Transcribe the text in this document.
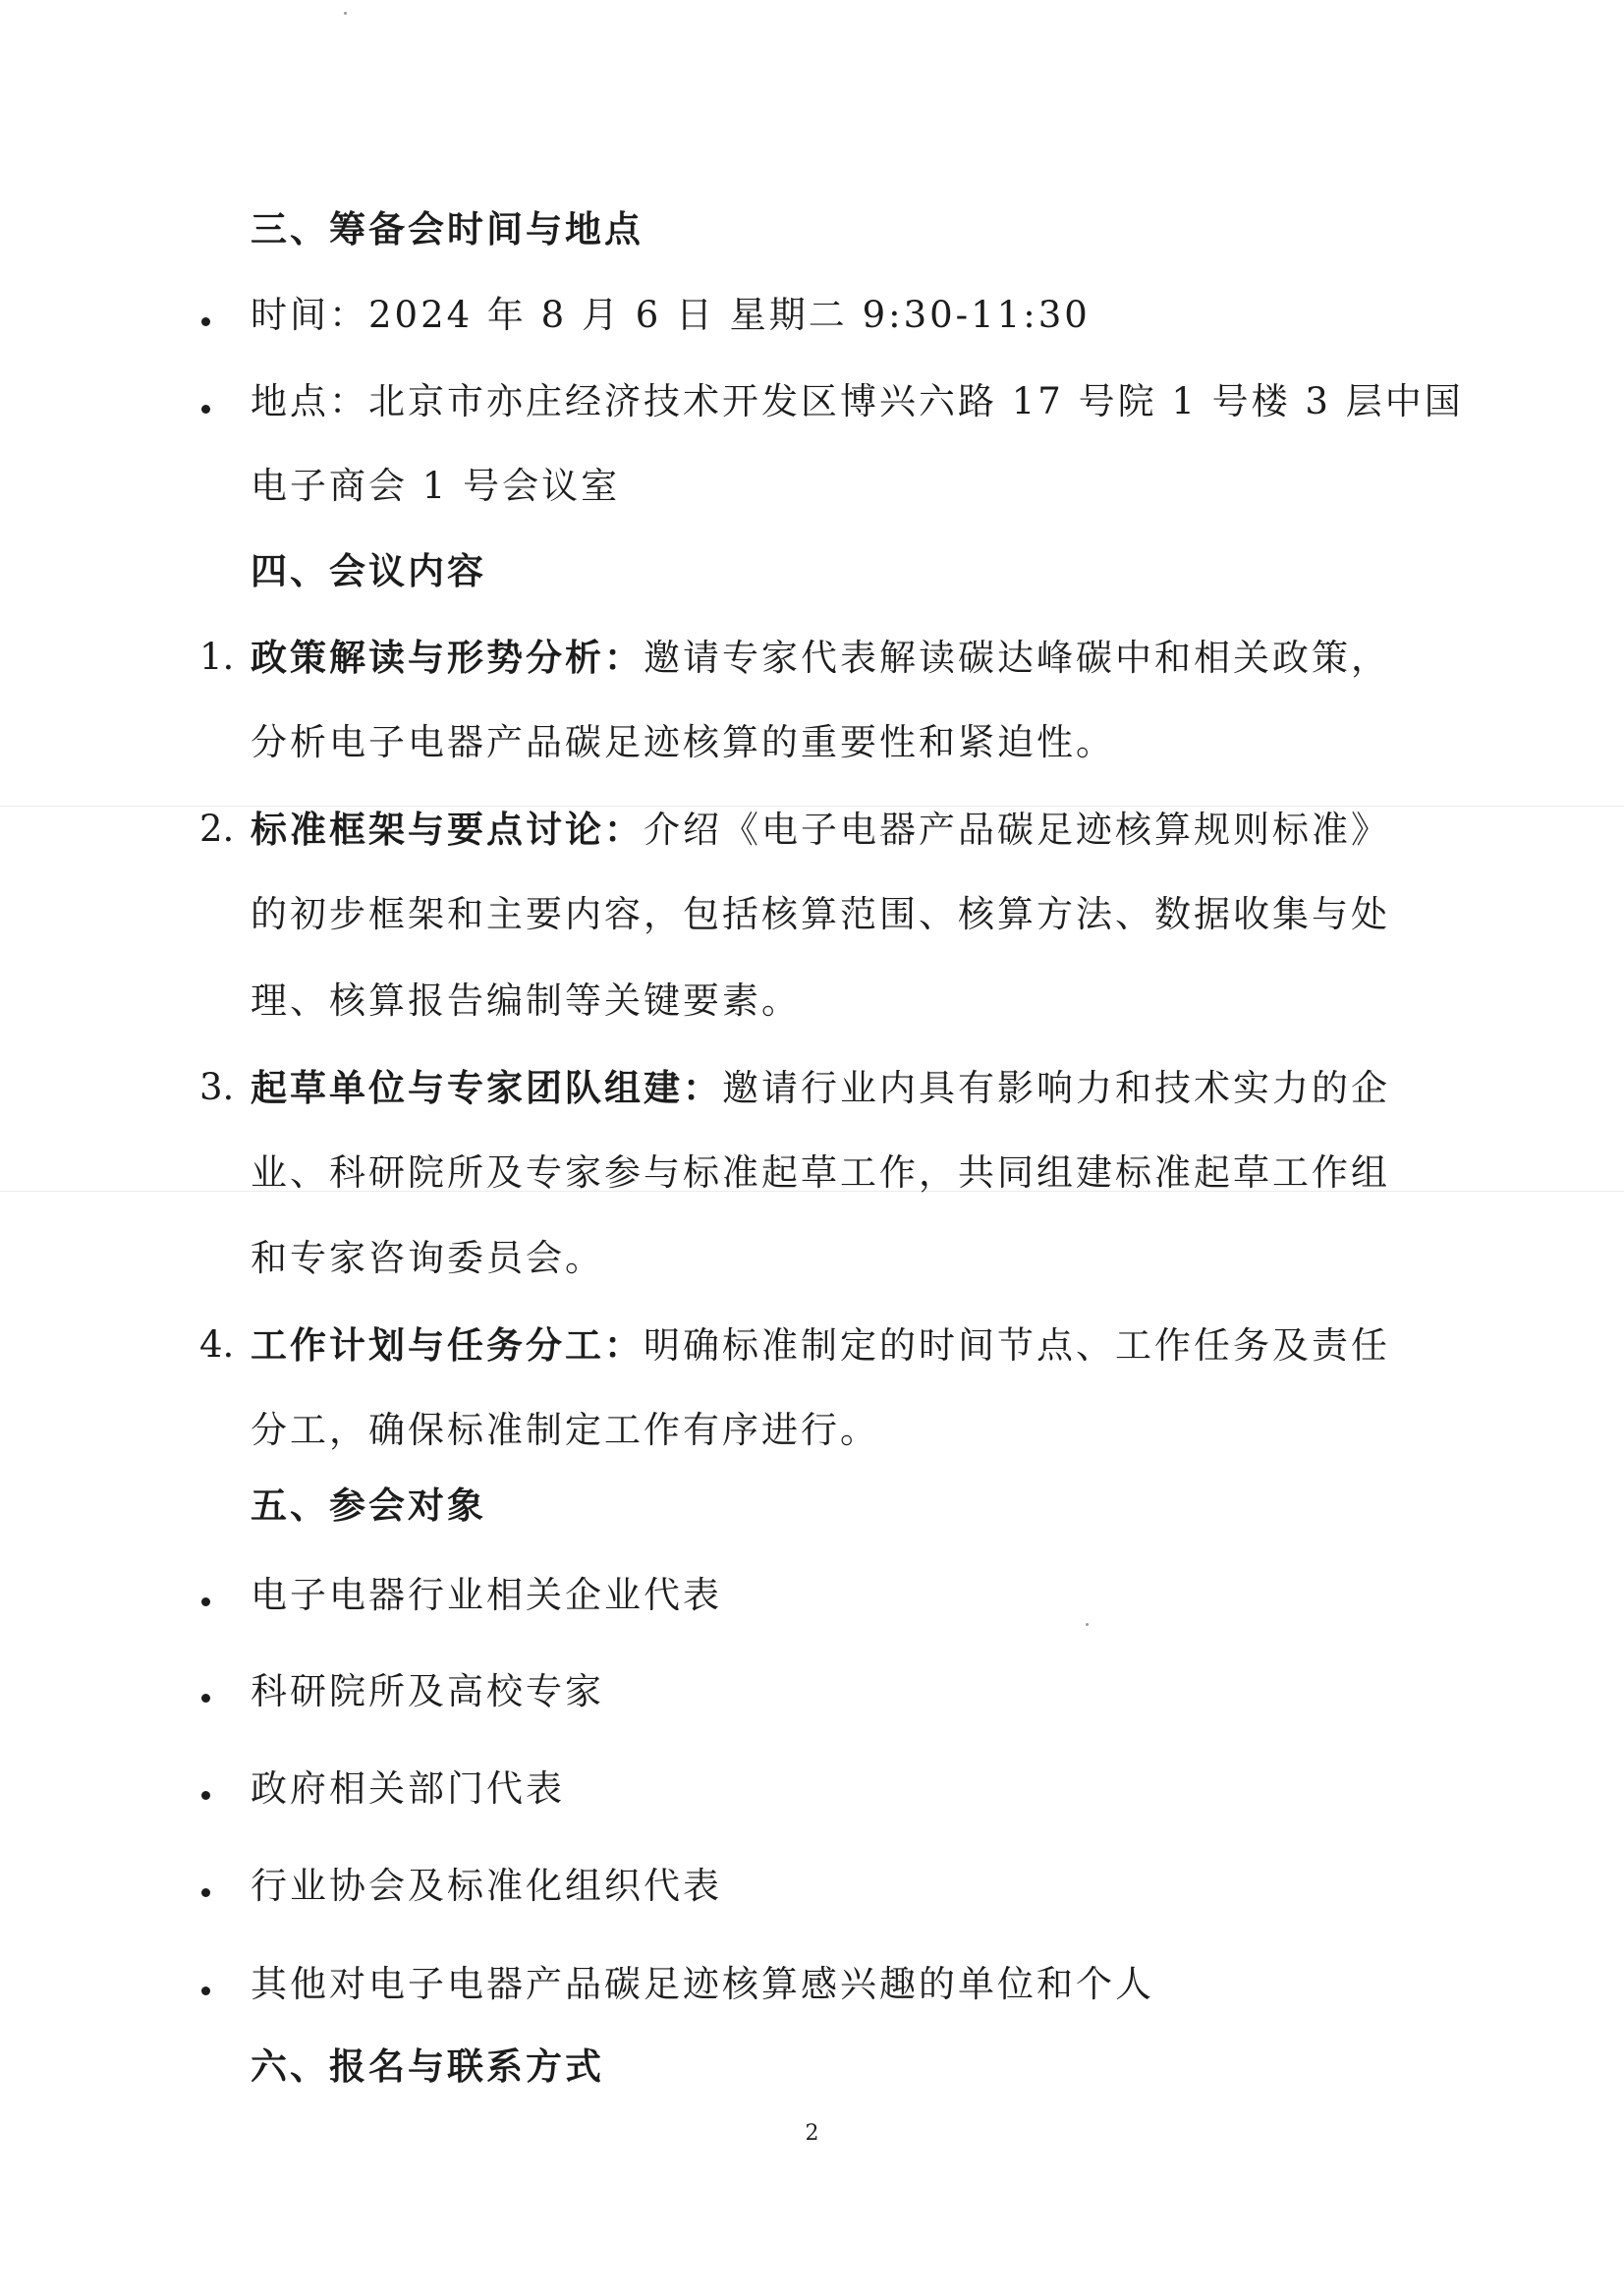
三、筹备会时间与地点
时间：2024 年 8 月 6 日 星期二 9:30-11:30
地点：北京市亦庄经济技术开发区博兴六路 17 号院 1 号楼 3 层中国
电子商会 1 号会议室
四、会议内容
1. 政策解读与形势分析：邀请专家代表解读碳达峰碳中和相关政策，
分析电子电器产品碳足迹核算的重要性和紧迫性。
2. 标准框架与要点讨论：介绍《电子电器产品碳足迹核算规则标准》
的初步框架和主要内容，包括核算范围、核算方法、数据收集与处
理、核算报告编制等关键要素。
3. 起草单位与专家团队组建：邀请行业内具有影响力和技术实力的企
业、科研院所及专家参与标准起草工作，共同组建标准起草工作组
和专家咨询委员会。
4. 工作计划与任务分工：明确标准制定的时间节点、工作任务及责任
分工，确保标准制定工作有序进行。
五、参会对象
电子电器行业相关企业代表
科研院所及高校专家
政府相关部门代表
行业协会及标准化组织代表
其他对电子电器产品碳足迹核算感兴趣的单位和个人
六、报名与联系方式
2
